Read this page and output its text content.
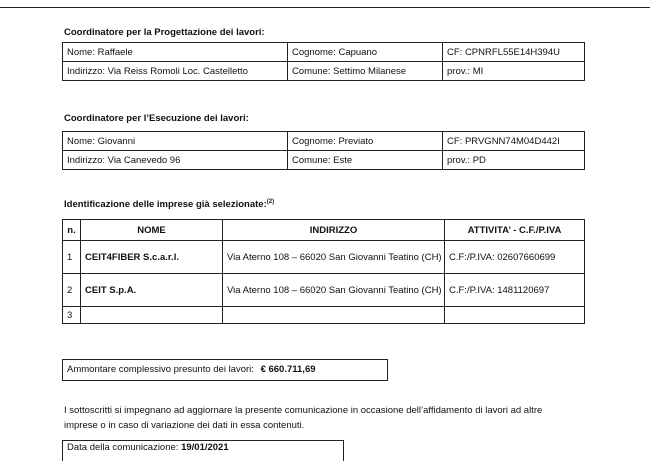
Coordinatore per la Progettazione dei lavori:
Nome: Raffaele	Cognome: Capuano	CF: CPNRFL55E14H394U
Indirizzo: Via Reiss Romoli Loc. Castelletto	Comune: Settimo Milanese	prov.: MI
Coordinatore per l’Esecuzione dei lavori:
Nome: Giovanni	Cognome: Previato	CF: PRVGNN74M04D442I
Indirizzo: Via Canevedo 96	Comune: Este	prov.: PD
Identificazione delle imprese già selezionate:$^{(2)}$
n.	NOME	INDIRIZZO	ATTIVITA’ - C.F./P.IVA
1	CEIT4FIBER S.c.a.r.l.	Via Aterno 108 – 66020 San Giovanni Teatino (CH)	C.F:/P.IVA: 02607660699
2	CEIT S.p.A.	Via Aterno 108 – 66020 San Giovanni Teatino (CH)	C.F:/P.IVA: 1481120697
3			
Ammontare complessivo presunto dei lavori: € 660.711,69
I sottoscritti si impegnano ad aggiornare la presente comunicazione in occasione dell’affidamento di lavori ad altre
imprese o in caso di variazione dei dati in essa contenuti.
Data della comunicazione: 19/01/2021
